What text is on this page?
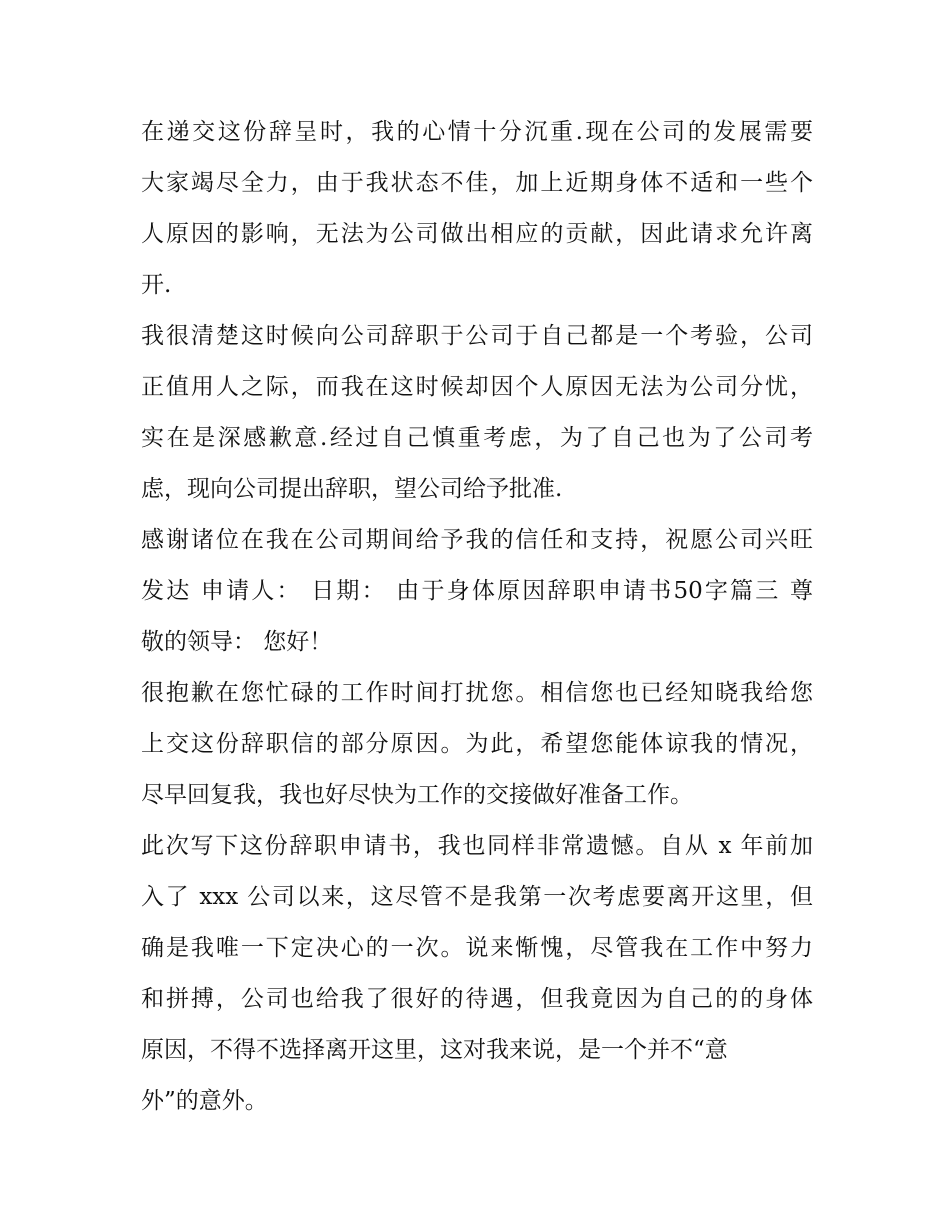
在递交这份辞呈时，我的心情十分沉重.现在公司的发展需要
大家竭尽全力，由于我状态不佳，加上近期身体不适和一些个
人原因的影响，无法为公司做出相应的贡献，因此请求允许离
开.
我很清楚这时候向公司辞职于公司于自己都是一个考验，公司
正值用人之际，而我在这时候却因个人原因无法为公司分忧，
实在是深感歉意.经过自己慎重考虑，为了自己也为了公司考
虑，现向公司提出辞职，望公司给予批准.
感谢诸位在我在公司期间给予我的信任和支持，祝愿公司兴旺
发达 申请人： 日期： 由于身体原因辞职申请书50字篇三 尊
敬的领导： 您好！
很抱歉在您忙碌的工作时间打扰您。相信您也已经知晓我给您
上交这份辞职信的部分原因。为此，希望您能体谅我的情况，
尽早回复我，我也好尽快为工作的交接做好准备工作。
此次写下这份辞职申请书，我也同样非常遗憾。自从 x 年前加
入了 xxx 公司以来，这尽管不是我第一次考虑要离开这里，但
确是我唯一下定决心的一次。说来惭愧，尽管我在工作中努力
和拼搏，公司也给我了很好的待遇，但我竟因为自己的的身体
原因，不得不选择离开这里，这对我来说，是一个并不“意
外”的意外。
